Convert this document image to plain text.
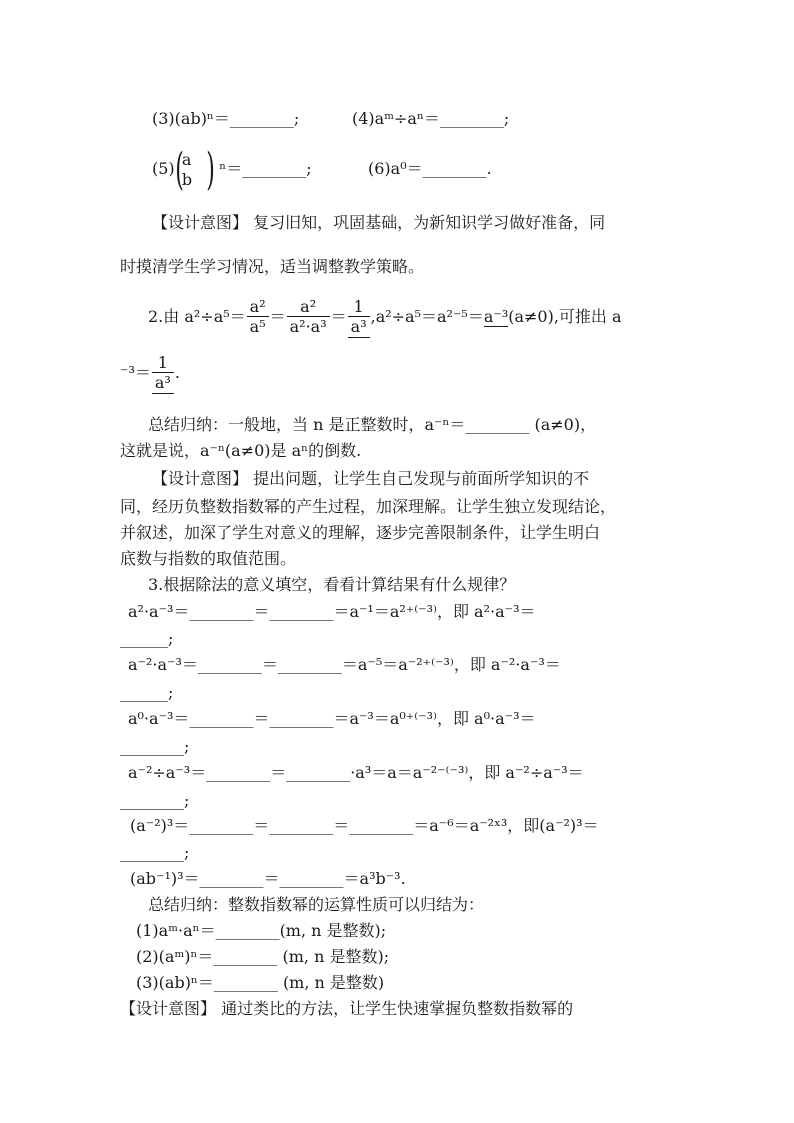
(3)(ab)ⁿ＝________;	(4)aᵐ÷aⁿ＝________;
(5)(
a
b ) ⁿ＝________;	(6)a⁰＝________.
【设计意图】 复习旧知，巩固基础，为新知识学习做好准备，同
时摸清学生学习情况，适当调整教学策略。
2.由 $a^2\div a^5= \frac{\text{a²}}{\text{a⁵}} = \frac{\text{a²}}{\text{a²·a³}} = \frac{1}{\text{a³}} ,a^2\div a^5=a^{2-5}=a^{-3}(a\ne 0)$,可推出 a
$^{-3}= \frac{1}{\text{a³}}$ .
总结归纳：一般地，当 n 是正整数时，a⁻ⁿ＝________ (a≠0)，
这就是说，a⁻ⁿ(a≠0)是 aⁿ的倒数.
【设计意图】 提出问题，让学生自己发现与前面所学知识的不
同，经历负整数指数幂的产生过程，加深理解。让学生独立发现结论，
并叙述，加深了学生对意义的理解，逐步完善限制条件，让学生明白
底数与指数的取值范围。
3.根据除法的意义填空，看看计算结果有什么规律？
a²·a⁻³＝________＝________＝a⁻¹＝a²⁺⁽⁻³⁾，即 a²·a⁻³＝
______;
a⁻²·a⁻³＝________＝________＝a⁻⁵＝a⁻²⁺⁽⁻³⁾，即 a⁻²·a⁻³＝
______;
a⁰·a⁻³＝________＝________＝a⁻³＝a⁰⁺⁽⁻³⁾，即 a⁰·a⁻³＝
________;
a⁻²÷a⁻³＝________＝________·a³＝a＝a⁻²⁻⁽⁻³⁾，即 a⁻²÷a⁻³＝
________;
(a⁻²)³＝________＝________＝________＝a⁻⁶＝a⁻²ˣ³，即(a⁻²)³＝
________;
(ab⁻¹)³＝________＝________＝a³b⁻³.
总结归纳：整数指数幂的运算性质可以归结为：
(1)aᵐ·aⁿ＝________(m, n 是整数);
(2)(aᵐ)ⁿ＝________ (m, n 是整数);
(3)(ab)ⁿ＝________ (m, n 是整数)
【设计意图】 通过类比的方法，让学生快速掌握负整数指数幂的
